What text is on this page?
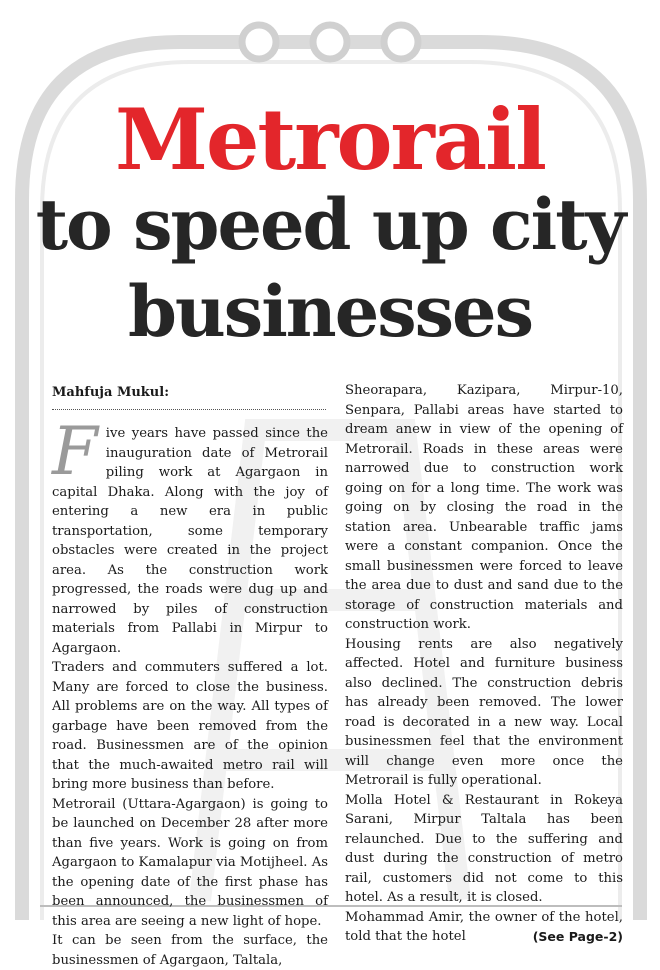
Metrorail
to speed up city
businesses
Mahfuja Mukul:

Five years have passed since the inauguration date of Metrorail piling work at Agargaon in capital Dhaka. Along with the joy of entering a new era in public transportation, some temporary obstacles were created in the project area. As the construction work progressed, the roads were dug up and narrowed by piles of construction materials from Pallabi in Mirpur to Agargaon.

Traders and commuters suffered a lot. Many are forced to close the business. All problems are on the way. All types of garbage have been removed from the road. Businessmen are of the opinion that the much-awaited metro rail will bring more business than before.

Metrorail (Uttara-Agargaon) is going to be launched on December 28 after more than five years. Work is going on from Agargaon to Kamalapur via Motijheel. As the opening date of the first phase has been announced, the businessmen of this area are seeing a new light of hope.

It can be seen from the surface, the businessmen of Agargaon, Taltala,

Sheorapara, Kazipara, Mirpur-10, Senpara, Pallabi areas have started to dream anew in view of the opening of Metrorail. Roads in these areas were narrowed due to construction work going on for a long time. The work was going on by closing the road in the station area. Unbearable traffic jams were a constant companion. Once the small businessmen were forced to leave the area due to dust and sand due to the storage of construction materials and construction work.

Housing rents are also negatively affected. Hotel and furniture business also declined. The construction debris has already been removed. The lower road is decorated in a new way. Local businessmen feel that the environment will change even more once the Metrorail is fully operational.

Molla Hotel & Restaurant in Rokeya Sarani, Mirpur Taltala has been relaunched. Due to the suffering and dust during the construction of metro rail, customers did not come to this hotel. As a result, it is closed.

Mohammad Amir, the owner of the hotel, told that the hotel	(See Page-2)
